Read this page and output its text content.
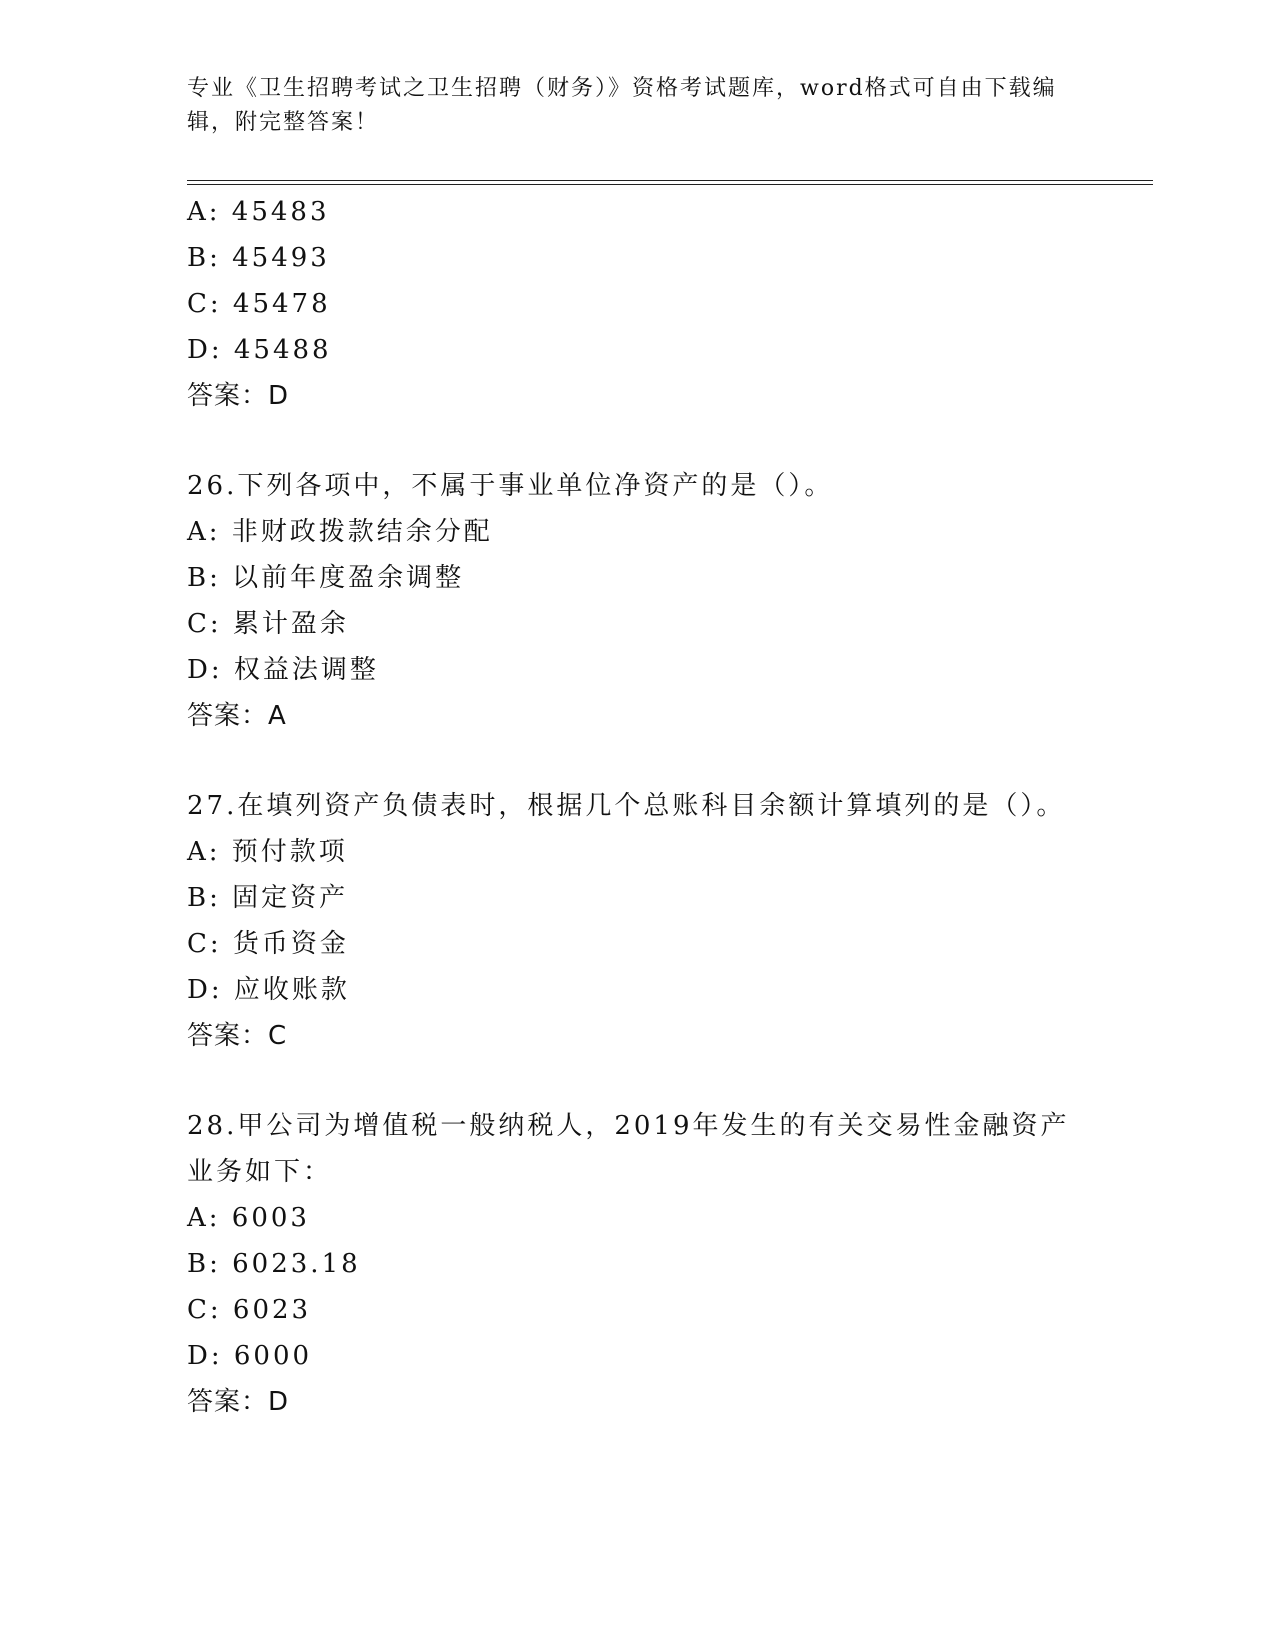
专业《卫生招聘考试之卫生招聘（财务）》资格考试题库，word格式可自由下载编辑，附完整答案！
A: 45483
B: 45493
C: 45478
D: 45488
答案：D
26.下列各项中，不属于事业单位净资产的是（）。
A: 非财政拨款结余分配
B: 以前年度盈余调整
C: 累计盈余
D: 权益法调整
答案：A
27.在填列资产负债表时，根据几个总账科目余额计算填列的是（）。
A: 预付款项
B: 固定资产
C: 货币资金
D: 应收账款
答案：C
28.甲公司为增值税一般纳税人，2019年发生的有关交易性金融资产业务如下：
A: 6003
B: 6023.18
C: 6023
D: 6000
答案：D
